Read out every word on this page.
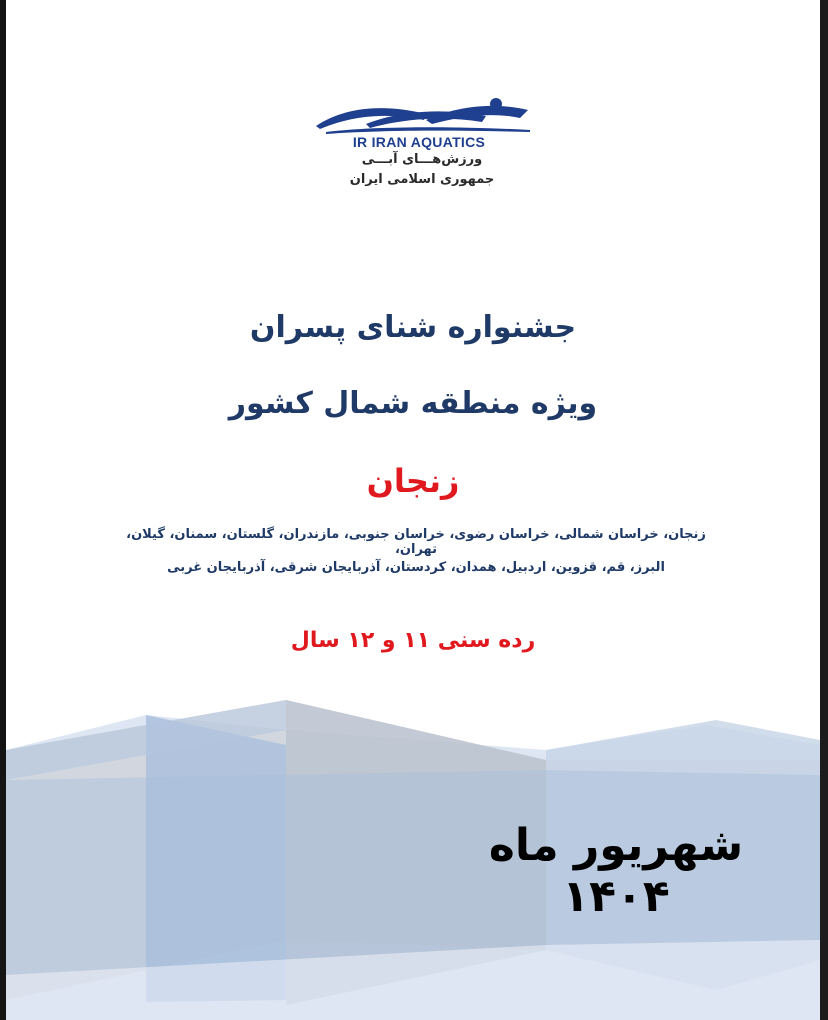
IR IRAN AQUATICS
ورزش‌هـــای آبـــی
جمهوری اسلامی ایران
جشنواره شنای پسران
ویژه منطقه شمال کشور
زنجان
زنجان، خراسان شمالی، خراسان رضوی، خراسان جنوبی، مازندران، گلستان، سمنان، گیلان، تهران،
البرز، قم، قزوین، اردبیل، همدان، کردستان، آذربایجان شرقی، آذربایجان غربی
رده سنی ۱۱ و ۱۲ سال
شهریور ماه ۱۴۰۴
